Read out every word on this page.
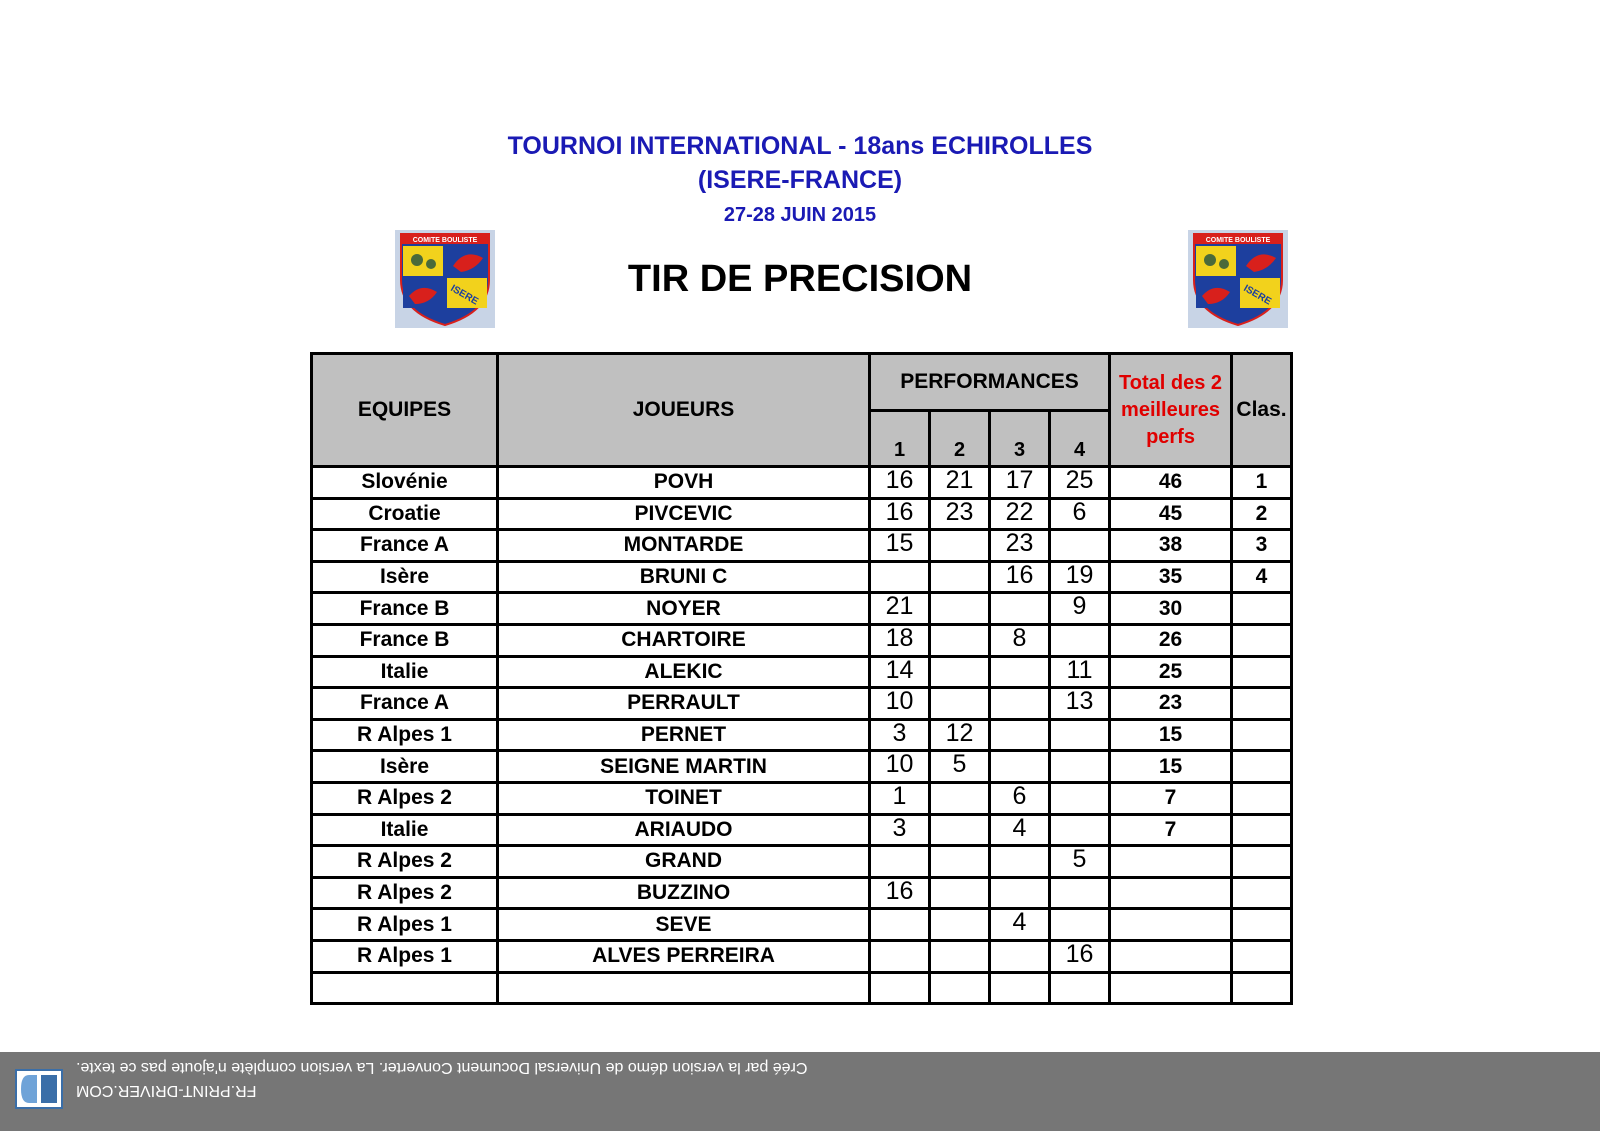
TOURNOI INTERNATIONAL - 18ans ECHIROLLES
(ISERE-FRANCE)
27-28 JUIN 2015
TIR DE PRECISION
COMITE BOULISTE
ISERE
COMITE BOULISTE
ISERE
EQUIPES	JOUEURS	PERFORMANCES				Total des 2
meilleures
perfs	Clas.
		1	2	3	4		
Slovénie	POVH	16	21	17	25	46	1
Croatie	PIVCEVIC	16	23	22	6	45	2
France A	MONTARDE	15		23		38	3
Isère	BRUNI C			16	19	35	4
France B	NOYER	21			9	30	
France B	CHARTOIRE	18		8		26	
Italie	ALEKIC	14			11	25	
France A	PERRAULT	10			13	23	
R Alpes 1	PERNET	3	12			15	
Isère	SEIGNE MARTIN	10	5			15	
R Alpes 2	TOINET	1		6		7	
Italie	ARIAUDO	3		4		7	
R Alpes 2	GRAND				5		
R Alpes 2	BUZZINO	16					
R Alpes 1	SEVE			4			
R Alpes 1	ALVES PERREIRA				16		

FR.PRINT-DRIVER.COM
Créé par la version démo de Universal Document Converter. La version complète n'ajoute pas ce texte.
